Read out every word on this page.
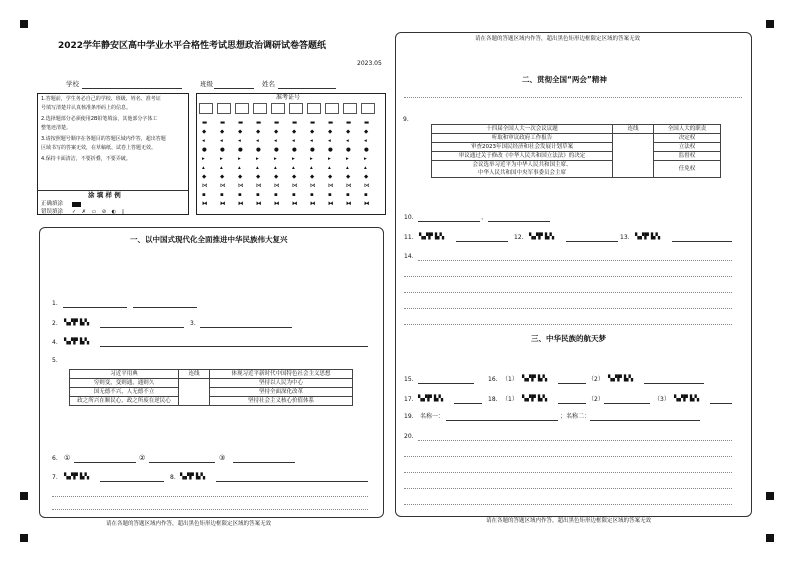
2022学年静安区高中学业水平合格性考试思想政治调研试卷答题纸
2023.05
学校	班级	姓名
1.答题前，学生务必自己的学校、班级、姓名、准考证
号填写清楚并认真核准条形码上的信息。
2.选择题部分必须使用2B铅笔填涂，其他部分字体工
整笔迹清楚。
3.请按照题号顺序在各题目的答题区域内作答，超出答题
区域书写的答案无效，在草稿纸、试卷上答题无效。
4.保持卡面清洁，不要折叠，不要弄破。
涂 填 样 例
正确填涂
错误填涂 ✓ ✗ ▭ ⊘ ◐ ▯
准考证号
▬ ▬ ▬ ▬ ▬ ▬ ▬ ▬ ▬ ▬
◆	◆	◆	◆	◆	◆	◆	◆	◆	◆
◂	◂	◂	◂	◂	◂	◂	◂	◂	◂
● ● ● ● ● ● ● ● ● ●
▸	▸	▸	▸	▸	▸	▸	▸	▸	▸
▴	▴	▴	▴	▴	▴	▴	▴	▴	▴
◆	◆	◆	◆	◆	◆	◆	◆	◆	◆
⋈ ⋈ ⋈ ⋈ ⋈ ⋈ ⋈ ⋈ ⋈ ⋈
▪	▪	▪	▪	▪	▪	▪	▪	▪	▪
⧓ ⧓ ⧓ ⧓ ⧓ ⧓ ⧓ ⧓ ⧓ ⧓
一、以中国式现代化全面推进中华民族伟大复兴
1.
2. ▚▞▛ ▙▚	3.
4. ▚▞▛ ▙▚
5.
习近平用典	连线	体现习近平新时代中国特色社会主义思想
穷则变，变则通，通则久		坚持以人民为中心
国无德不兴，人无德不立		坚持全面深化改革
政之所兴在顺民心，政之所废在逆民心		坚持社会主义核心价值体系
6. ①	②	③
7. ▚▞▛ ▙▚	8. ▚▞▛ ▙▚
请在各题的答题区域内作答，超出黑色矩形边框限定区域的答案无效
请在各题的答题区域内作答，超出黑色矩形边框限定区域的答案无效
二、贯彻全国“两会”精神
9.
十四届全国人大一次会议议题	连线	全国人大的职责
听取和审议政府工作报告		决定权
审查2023年国民经济和社会发展计划草案		立法权
审议通过关于修改《中华人民共和国立法法》的决定		监督权
会议选举习近平为中华人民共和国主席、		任免权
中华人民共和国中央军事委员会主席		
10.	、
11. ▚▞▛ ▙▚	12. ▚▞▛ ▙▚	13. ▚▞▛ ▙▚
14.
三、中华民族的航天梦
15.	16. （1） ▚▞▛ ▙▚	（2） ▚▞▛ ▙▚
17. ▚▞▛ ▙▚	18. （1） ▚▞▛ ▙▚	（2）	（3） ▚▞▛ ▙▚
19. 名称一：	；名称二：
20.
请在各题的答题区域内作答，超出黑色矩形边框限定区域的答案无效
